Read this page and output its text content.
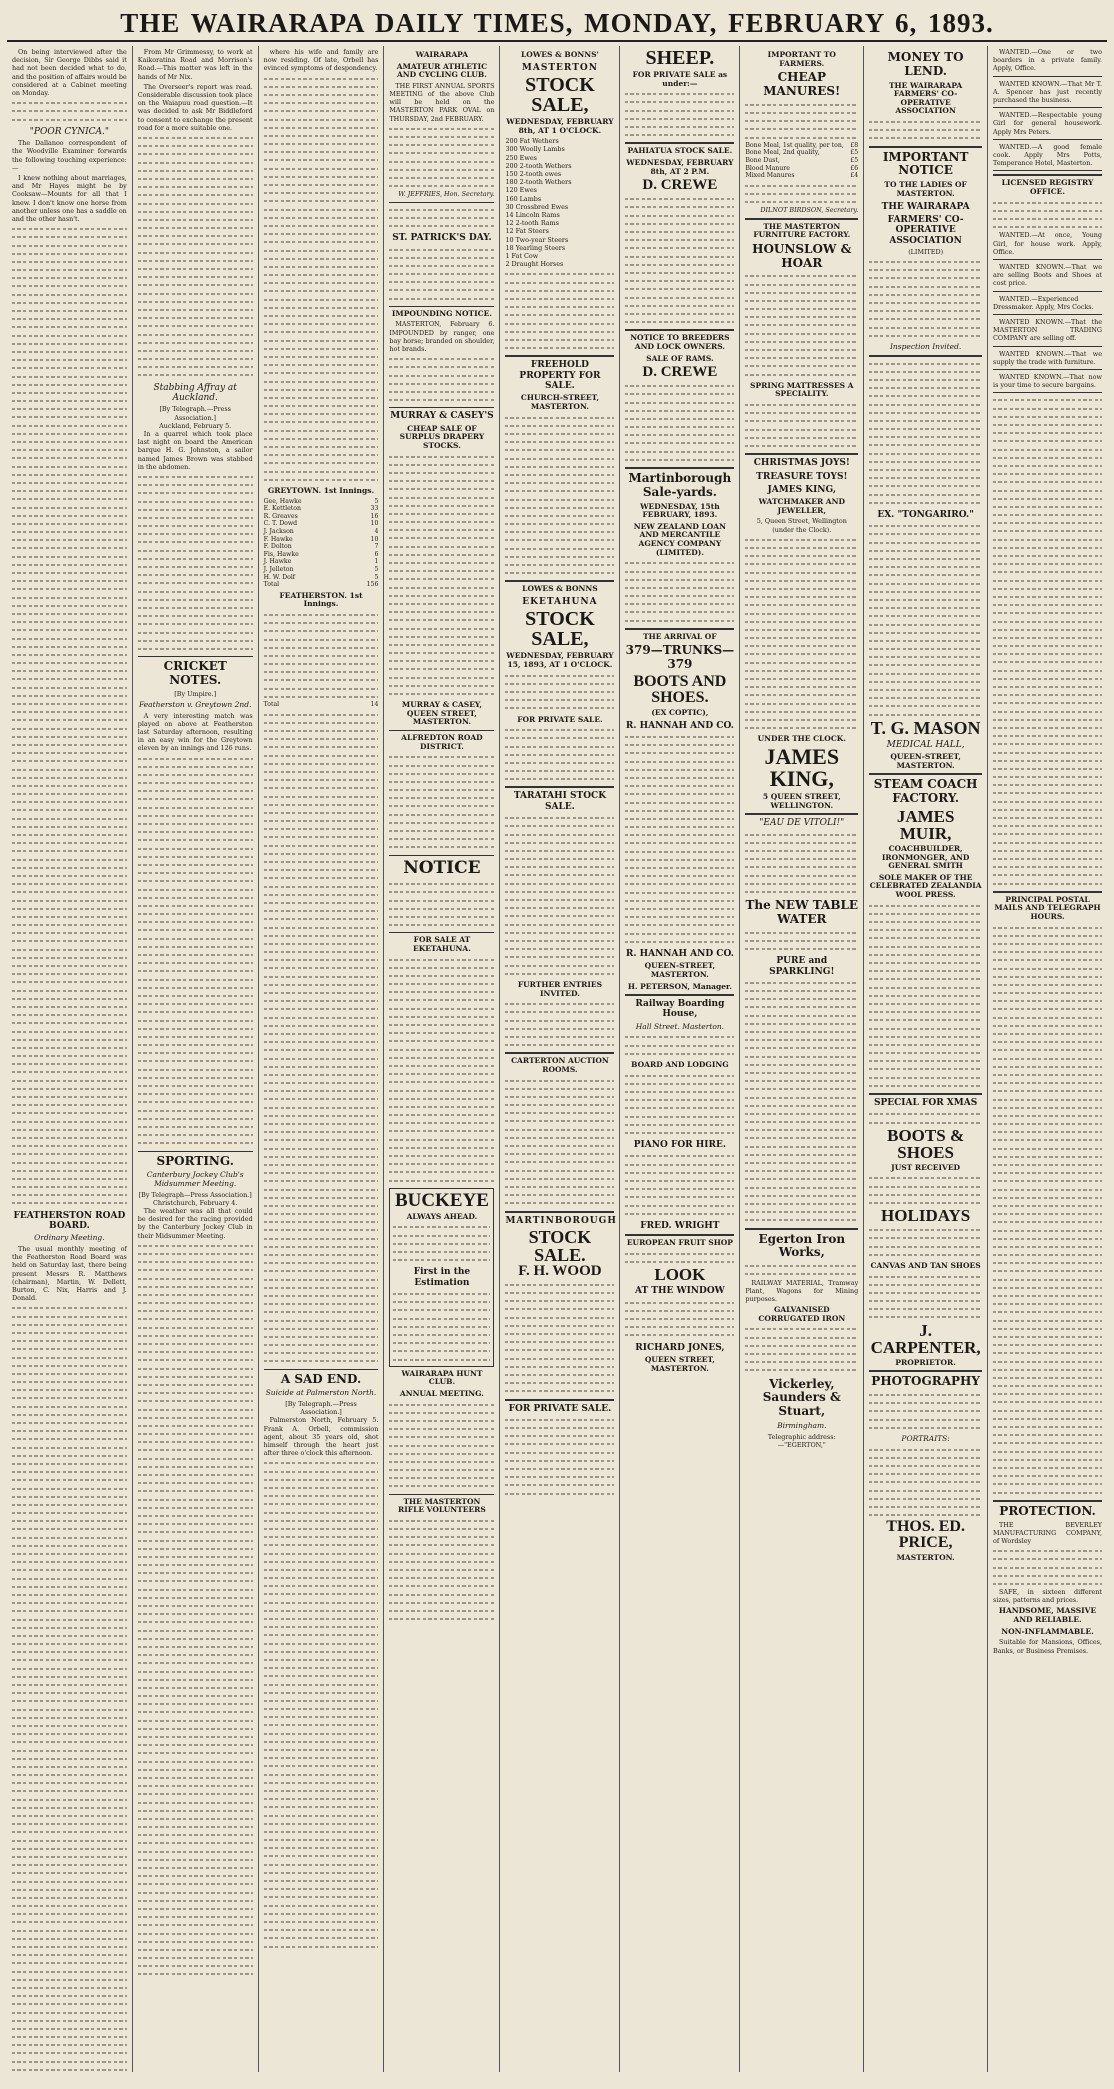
THE WAIRARAPA DAILY TIMES, MONDAY, FEBRUARY 6, 1893.

On being interviewed after the decision, Sir George Dibbs said it had not been decided what to do, and the position of affairs would be considered at a Cabinet meeting on Monday.

"POOR CYNICA."

The Dallanoo correspondent of the Woodville Examiner forwards the following touching experience:—

I knew nothing about marriages, and Mr Hayes might be by Cooksaw—Mounts for all that I knew. I don't know one horse from another unless one has a saddle on and the other hasn't.

FEATHERSTON ROAD BOARD.
Ordinary Meeting.

The usual monthly meeting of the Featherston Road Board was held on Saturday last, there being present Messrs R. Matthews (chairman), Martin, W. Dellett, Burton, C. Nix, Harris and J. Donald.

From Mr Grimmessy, to work at Kaikoratina Road and Morrison's Road.—This matter was left in the hands of Mr Nix.

The Overseer's report was read. Considerable discussion took place on the Waiapuu road question.—It was decided to ask Mr Biddleford to consent to exchange the present road for a more suitable one.

Stabbing Affray at Auckland.
[By Telegraph.—Press Association.]
Auckland, February 5.

In a quarrel which took place last night on board the American barque H. G. Johnston, a sailor named James Brown was stabbed in the abdomen.

CRICKET NOTES.
[By Umpire.]
Featherston v. Greytown 2nd.

A very interesting match was played on above at Featherston last Saturday afternoon, resulting in an easy win for the Greytown eleven by an innings and 126 runs.

SPORTING.
Canterbury Jockey Club's Midsummer Meeting.
[By Telegraph—Press Association.]
Christchurch, February 4.

The weather was all that could be desired for the racing provided by the Canterbury Jockey Club in their Midsummer Meeting.

where his wife and family are now residing. Of late, Orbell has evinced symptoms of despondency.

GREYTOWN. 1st Innings.
Gee, Hawke	5
E. Kettleton	33
R. Greaves	16
C. T. Dowd	10
J. Jackson	4
F. Hawke	10
F. Dolton	7
Fis, Hawke	6
J. Hawke	1
J. Jelleton	5
H. W. Dolf	5
Total	156
FEATHERSTON. 1st Innings.
Total	14
A SAD END.
Suicide at Palmerston North.
[By Telegraph.—Press Association.]

Palmerston North, February 5. Frank A. Orbell, commission agent, about 35 years old, shot himself through the heart just after three o'clock this afternoon.

WAIRARAPA
AMATEUR ATHLETIC AND CYCLING CLUB.

THE FIRST ANNUAL SPORTS MEETING of the above Club will be held on the MASTERTON PARK OVAL on THURSDAY, 2nd FEBRUARY.

W. JEFFRIES, Hon. Secretary.
ST. PATRICK'S DAY.
IMPOUNDING NOTICE.

MASTERTON, February 6. IMPOUNDED by ranger, one bay horse; branded on shoulder, hot brands.

MURRAY & CASEY'S
CHEAP SALE OF SURPLUS DRAPERY STOCKS.
MURRAY & CASEY, QUEEN STREET, MASTERTON.
ALFREDTON ROAD DISTRICT.
NOTICE
FOR SALE AT EKETAHUNA.
BUCKEYE
ALWAYS AHEAD.
First in the Estimation
WAIRARAPA HUNT CLUB.
ANNUAL MEETING.
THE MASTERTON RIFLE VOLUNTEERS
LOWES & BONNS'
MASTERTON
STOCK SALE,
WEDNESDAY, FEBRUARY 8th, AT 1 O'CLOCK.
200 Fat Wethers
300 Woolly Lambs
250 Ewes
200 2-tooth Wethers
150 2-tooth ewes
180 2-tooth Wethers
120 Ewes
160 Lambs
30 Crossbred Ewes
14 Lincoln Rams
12 2-tooth Rams
12 Fat Steers
10 Two-year Steers
18 Yearling Steers
1 Fat Cow
2 Draught Horses
FREEHOLD PROPERTY FOR SALE.
CHURCH-STREET, MASTERTON.
LOWES & BONNS
EKETAHUNA
STOCK SALE,
WEDNESDAY, FEBRUARY 15, 1893, AT 1 O'CLOCK.
FOR PRIVATE SALE.
TARATAHI STOCK SALE.
FURTHER ENTRIES INVITED.
CARTERTON AUCTION ROOMS.
MARTINBOROUGH
STOCK SALE.
F. H. WOOD
FOR PRIVATE SALE.
SHEEP.
FOR PRIVATE SALE as under:—
PAHIATUA STOCK SALE.
WEDNESDAY, FEBRUARY 8th, AT 2 P.M.
D. CREWE
NOTICE TO BREEDERS AND LOCK OWNERS.
SALE OF RAMS.
D. CREWE
Martinborough Sale-yards.
WEDNESDAY, 15th FEBRUARY, 1893.
NEW ZEALAND LOAN AND MERCANTILE AGENCY COMPANY (LIMITED).
THE ARRIVAL OF
379—TRUNKS—379
BOOTS AND SHOES.
(EX COPTIC),
R. HANNAH AND CO.
R. HANNAH AND CO.
QUEEN-STREET, MASTERTON.
H. PETERSON, Manager.
Railway Boarding House,
Hall Street. Masterton.
BOARD AND LODGING
PIANO FOR HIRE.
FRED. WRIGHT
EUROPEAN FRUIT SHOP
LOOK
AT THE WINDOW
RICHARD JONES,
QUEEN STREET, MASTERTON.
IMPORTANT TO FARMERS.
CHEAP MANURES!
Bone Meal, 1st quality, per ton,	£8
Bone Meal, 2nd quality,	£5
Bone Dust,	£5
Blood Manure	£6
Mixed Manures	£4
DILNOT BIRDSON, Secretary.
THE MASTERTON FURNITURE FACTORY.
HOUNSLOW & HOAR
SPRING MATTRESSES A SPECIALITY.
CHRISTMAS JOYS!
TREASURE TOYS!
JAMES KING,
WATCHMAKER AND JEWELLER,
5, Queen Street, Wellington (under the Clock).
UNDER THE CLOCK.
JAMES KING,
5 QUEEN STREET, WELLINGTON.
"EAU DE VITOLI!"
The NEW TABLE WATER
PURE and SPARKLING!
Egerton Iron Works,

RAILWAY MATERIAL, Tramway Plant, Wagons for Mining purposes.

GALVANISED CORRUGATED IRON
Vickerley, Saunders & Stuart,
Birmingham.
Telegraphic address:—"EGERTON,"
MONEY TO LEND.
THE WAIRARAPA FARMERS' CO-OPERATIVE ASSOCIATION
IMPORTANT NOTICE
TO THE LADIES OF MASTERTON.
THE WAIRARAPA
FARMERS' CO-OPERATIVE ASSOCIATION
(LIMITED)
Inspection Invited.
EX. "TONGARIRO."
T. G. MASON
MEDICAL HALL,
QUEEN-STREET, MASTERTON.
STEAM COACH FACTORY.
JAMES MUIR,
COACHBUILDER, IRONMONGER, AND GENERAL SMITH
SOLE MAKER OF THE CELEBRATED ZEALANDIA WOOL PRESS.
SPECIAL FOR XMAS
BOOTS & SHOES
JUST RECEIVED
HOLIDAYS
CANVAS AND TAN SHOES
J. CARPENTER,
PROPRIETOR.
PHOTOGRAPHY
PORTRAITS:
THOS. ED. PRICE,
MASTERTON.

WANTED.—One or two boarders in a private family. Apply, Office.

WANTED KNOWN.—That Mr T. A. Spencer has just recently purchased the business.

WANTED.—Respectable young Girl for general housework. Apply Mrs Peters.

WANTED.—A good female cook. Apply Mrs Potts, Temperance Hotel, Masterton.

LICENSED REGISTRY OFFICE.

WANTED.—At once, Young Girl, for house work. Apply, Office.

WANTED KNOWN.—That we are selling Boots and Shoes at cost price.

WANTED.—Experienced Dressmaker. Apply, Mrs Cocks.

WANTED KNOWN.—That the MASTERTON TRADING COMPANY are selling off.

WANTED KNOWN.—That we supply the trade with furniture.

WANTED KNOWN.—That now is your time to secure bargains.

PRINCIPAL POSTAL MAILS AND TELEGRAPH HOURS.
PROTECTION.

THE BEVERLEY MANUFACTURING COMPANY, of Wordsley

SAFE, in sixteen different sizes, patterns and prices.

HANDSOME, MASSIVE AND RELIABLE.
NON-INFLAMMABLE.

Suitable for Mansions, Offices, Banks, or Business Premises.
